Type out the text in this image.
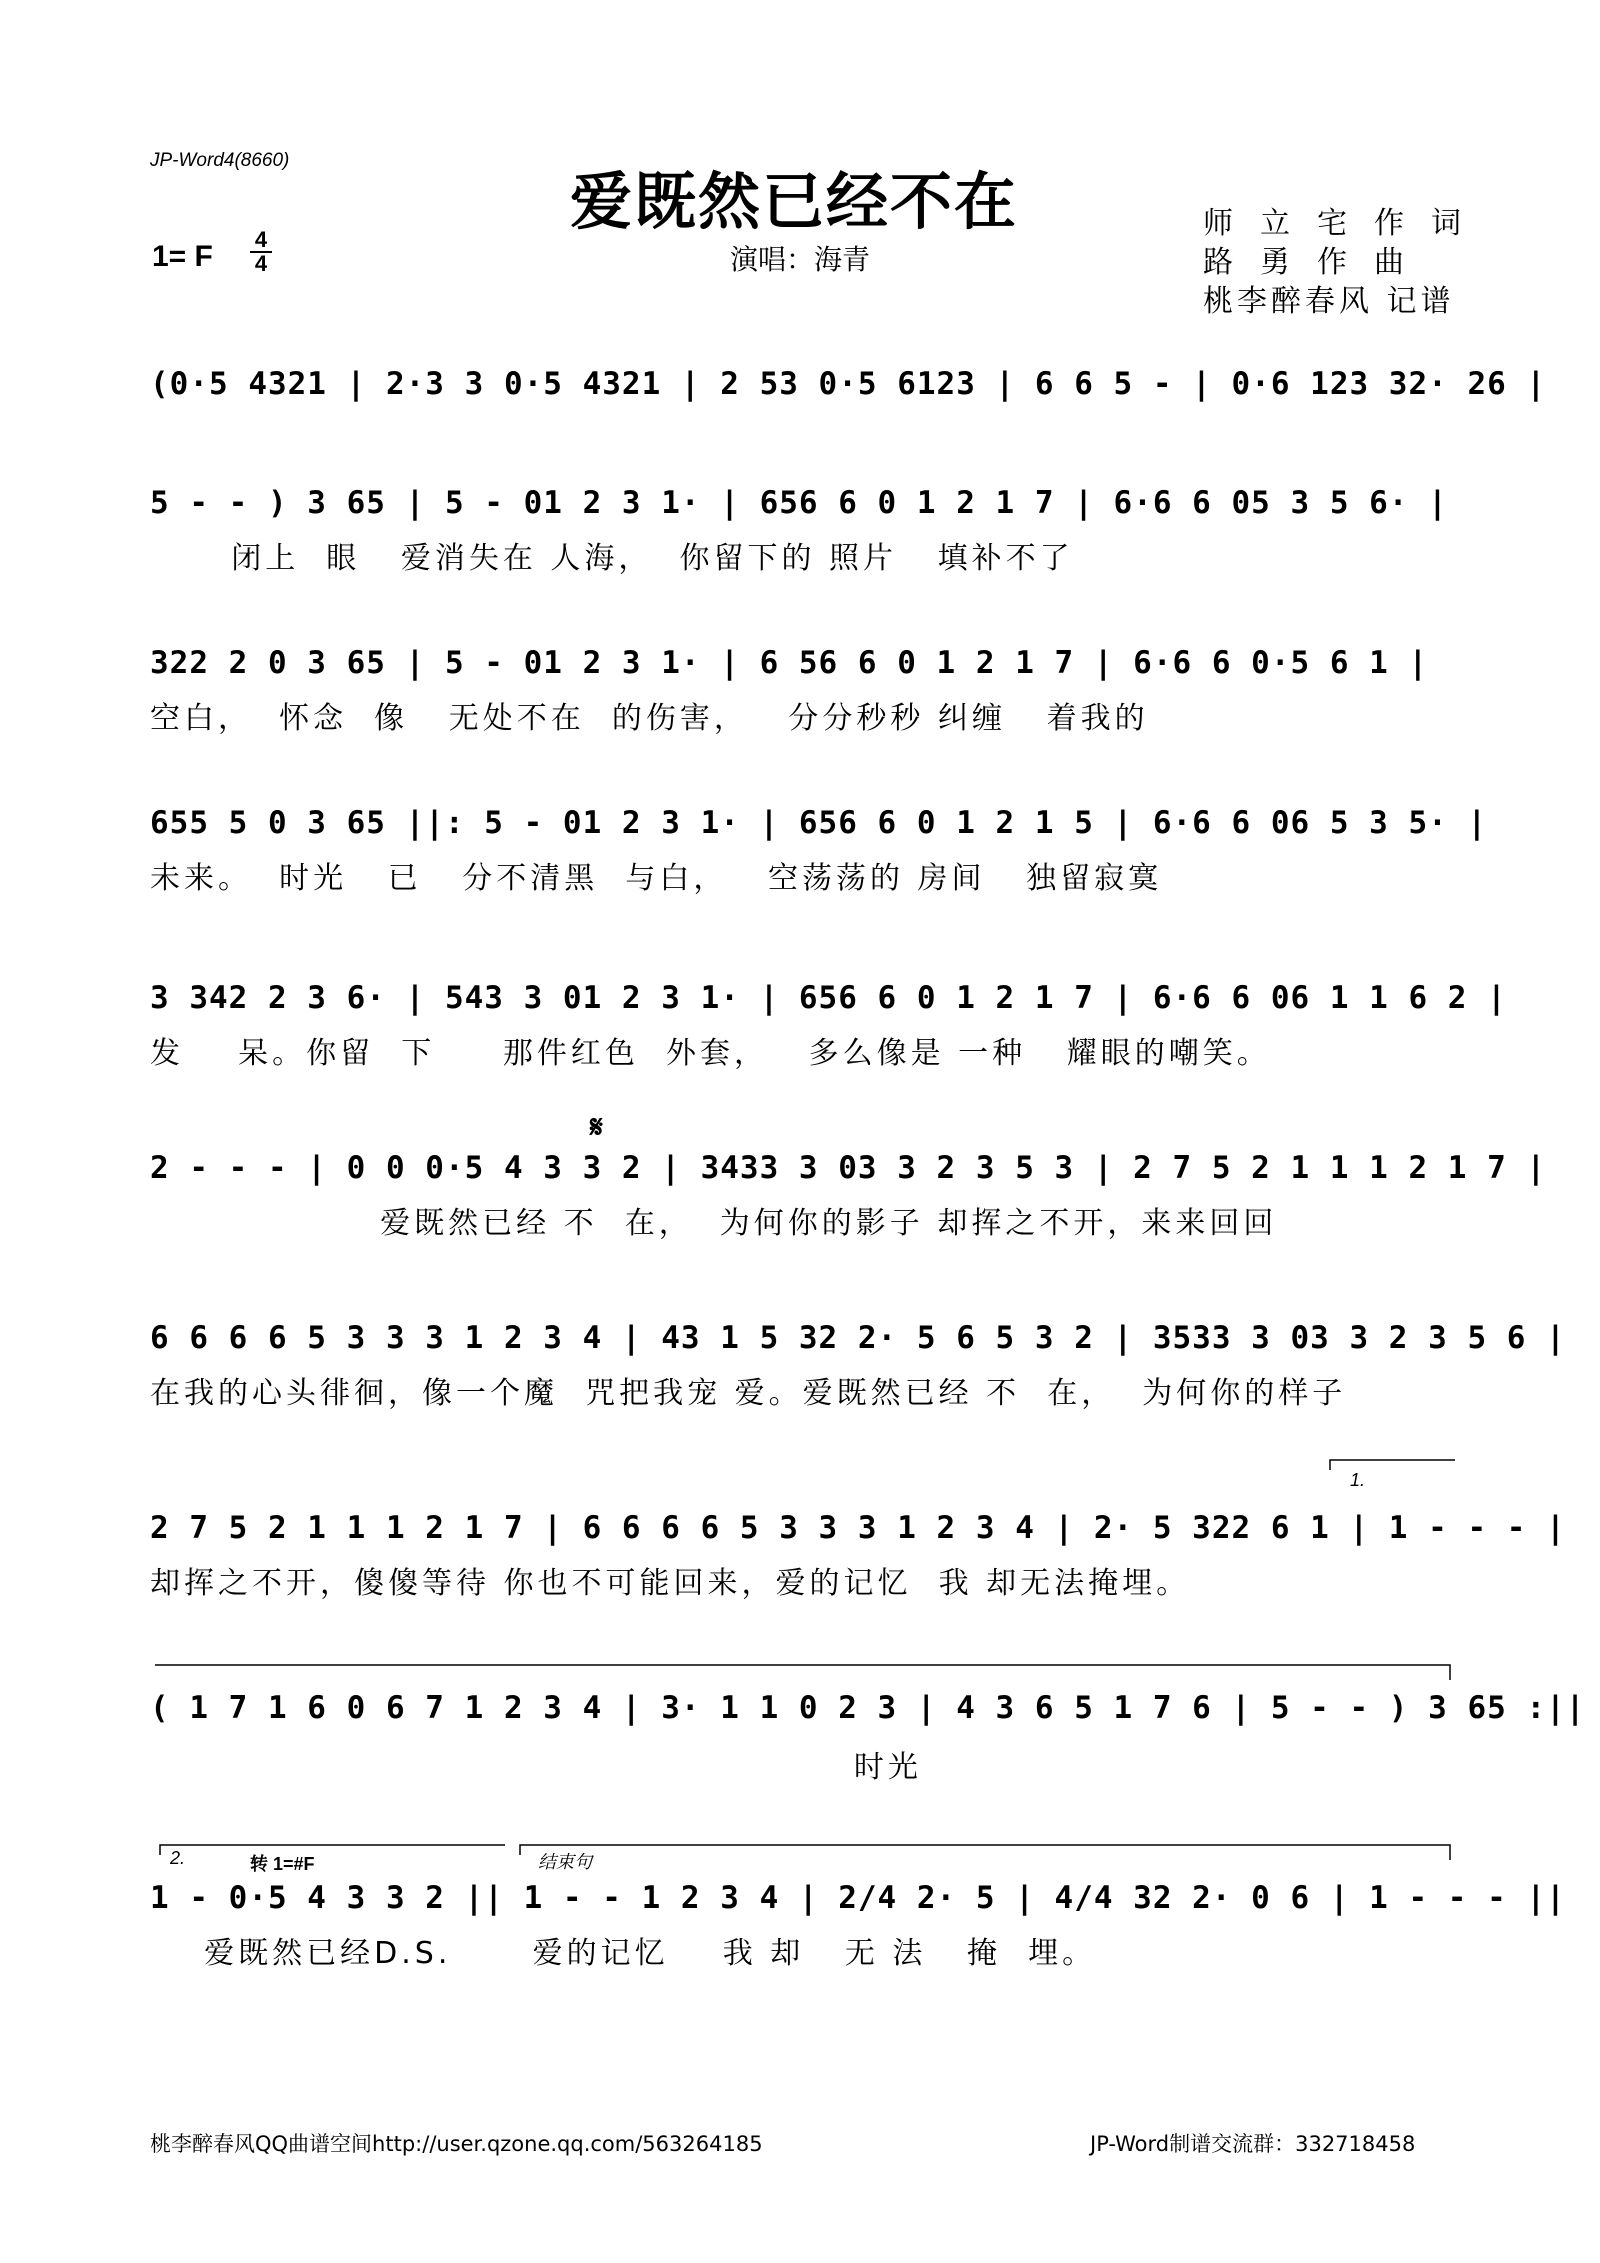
JP-Word4(8660)
爱既然已经不在
演唱：海青
1= F
4
4
师立宅作词
路勇作曲
桃李醉春风 记谱
(0·5 4321 | 2·3 3 0·5 4321 | 2 53 0·5 6123 | 6 6 5 - | 0·6 123 32· 26 |
5 - - ) 3 65 | 5 - 01 2 3 1· | 656 6 0 1 2 1 7 | 6·6 6 05 3 5 6· |
闭上  眼   爱消失在 人海，  你留下的 照片   填补不了
322 2 0 3 65 | 5 - 01 2 3 1· | 6 56 6 0 1 2 1 7 | 6·6 6 0·5 6 1 |
空白，  怀念  像   无处不在  的伤害，   分分秒秒 纠缠   着我的
655 5 0 3 65 ||: 5 - 01 2 3 1· | 656 6 0 1 2 1 5 | 6·6 6 06 5 3 5· |
未来。  时光   已   分不清黑  与白，   空荡荡的 房间   独留寂寞
3 342 2 3 6· | 543 3 01 2 3 1· | 656 6 0 1 2 1 7 | 6·6 6 06 1 1 6 2 |
发    呆。你留  下     那件红色  外套，   多么像是 一种   耀眼的嘲笑。
𝄋
2 - - - | 0 0 0·5 4 3 3 2 | 3433 3 03 3 2 3 5 3 | 2 7 5 2 1 1 1 2 1 7 |
爱既然已经 不  在，  为何你的影子 却挥之不开，来来回回
6 6 6 6 5 3 3 3 1 2 3 4 | 43 1 5 32 2· 5 6 5 3 2 | 3533 3 03 3 2 3 5 6 |
在我的心头徘徊，像一个魔  咒把我宠 爱。爱既然已经 不  在，  为何你的样子
1.
2 7 5 2 1 1 1 2 1 7 | 6 6 6 6 5 3 3 3 1 2 3 4 | 2· 5 322 6 1 | 1 - - - |
却挥之不开，傻傻等待 你也不可能回来，爱的记忆  我 却无法掩埋。
( 1 7 1 6 0 6 7 1 2 3 4 | 3· 1 1 0 2 3 | 4 3 6 5 1 7 6 | 5 - - ) 3 65 :||
时光
2.	转 1=#F	结束句
1 - 0·5 4 3 3 2 || 1 - - 1 2 3 4 | 2/4 2· 5 | 4/4 32 2· 0 6 | 1 - - - ||
爱既然已经D.S.      爱的记忆    我 却   无 法   掩  埋。
桃李醉春风QQ曲谱空间http://user.qzone.qq.com/563264185	JP-Word制谱交流群：332718458
